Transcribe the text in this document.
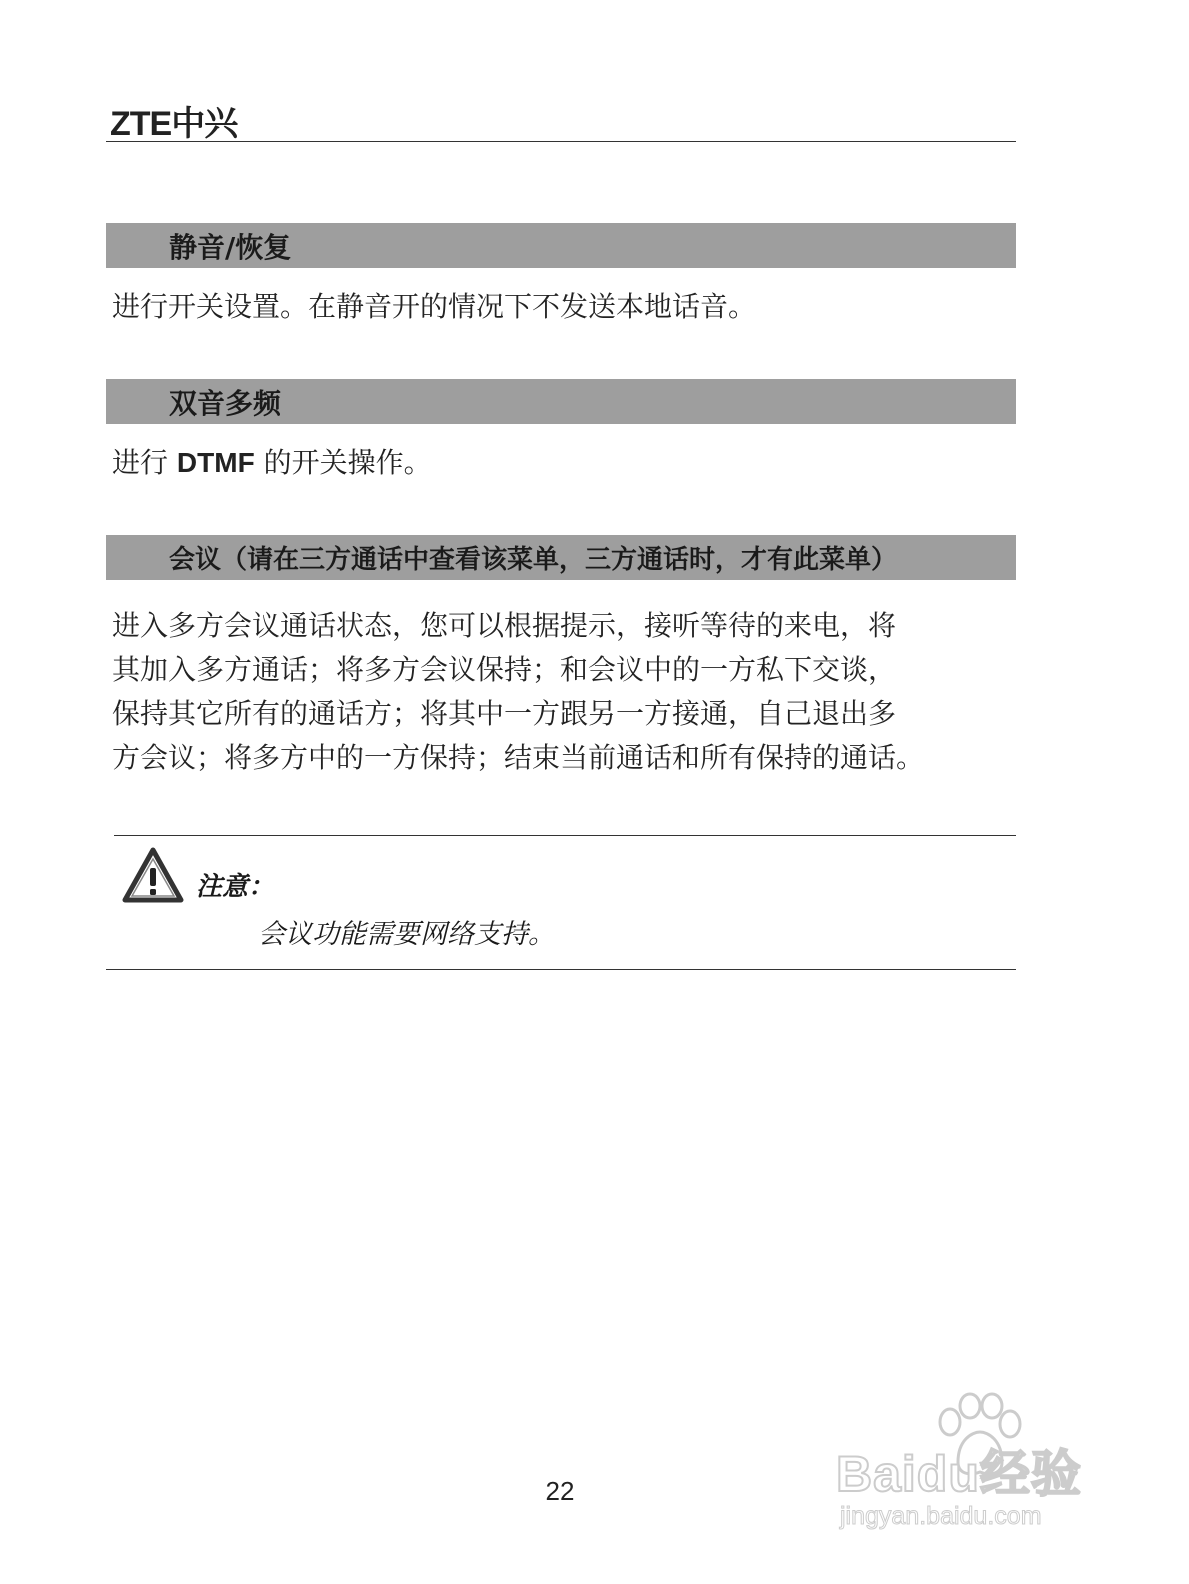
ZTE中兴
静音/恢复
进行开关设置。在静音开的情况下不发送本地话音。
双音多频
进行 DTMF 的开关操作。
会议（请在三方通话中查看该菜单，三方通话时，才有此菜单）
进入多方会议通话状态，您可以根据提示，接听等待的来电，将
其加入多方通话；将多方会议保持；和会议中的一方私下交谈，
保持其它所有的通话方；将其中一方跟另一方接通，自己退出多
方会议；将多方中的一方保持；结束当前通话和所有保持的通话。
注意：
会议功能需要网络支持。
22	Baidu经验
jingyan.baidu.com
